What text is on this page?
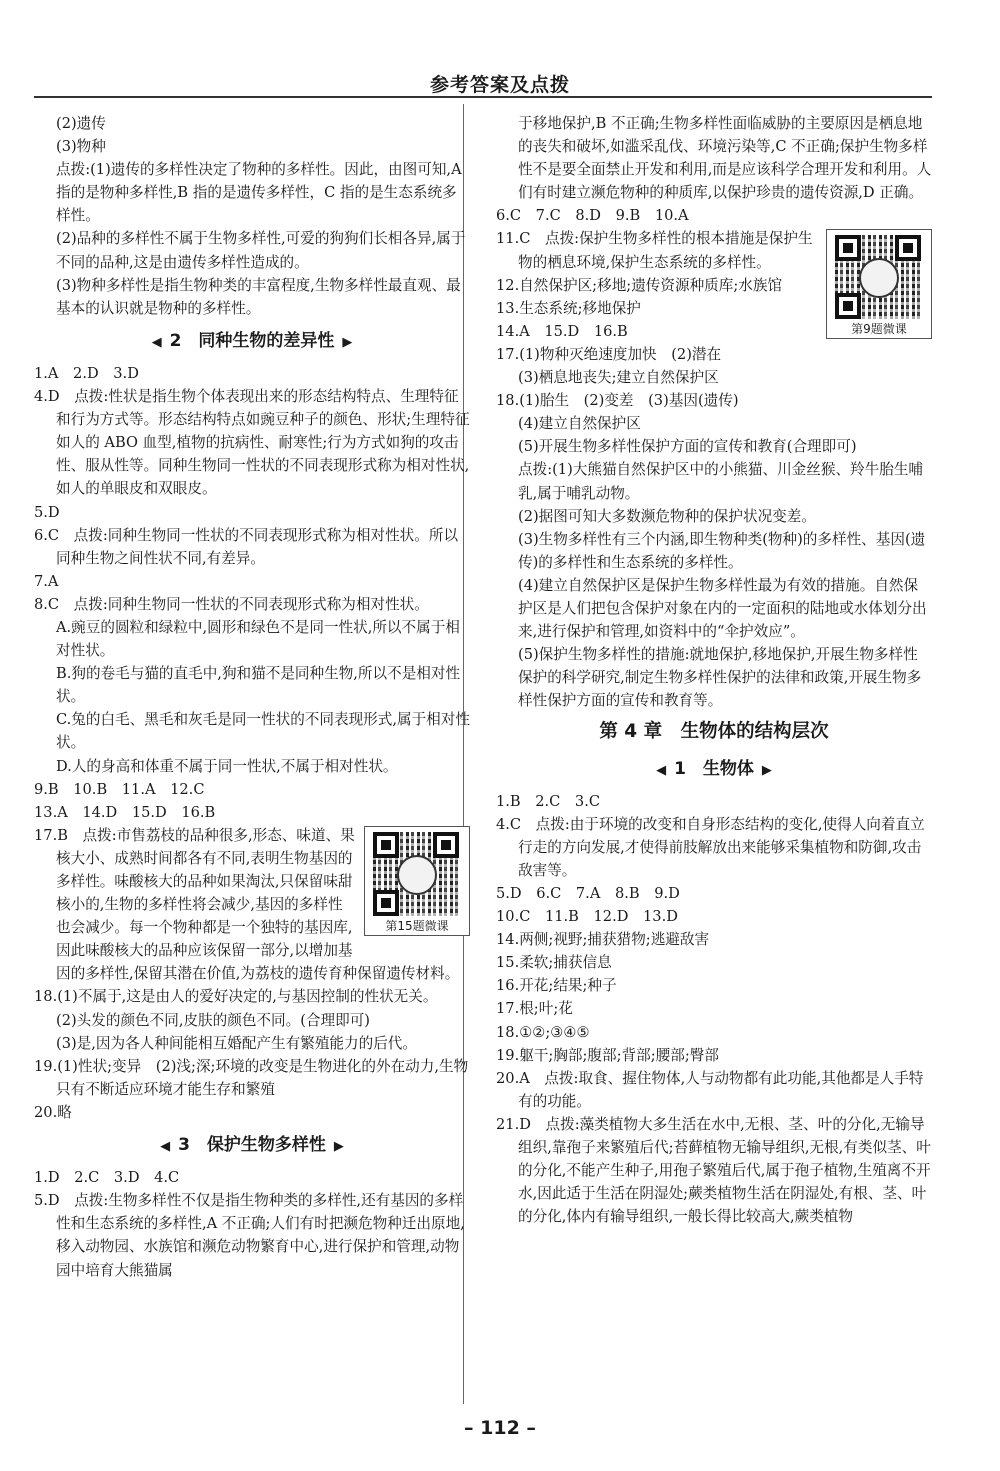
参考答案及点拨

(2)遗传

(3)物种

点拨:(1)遗传的多样性决定了物种的多样性。因此，由图可知,A 指的是物种多样性,B 指的是遗传多样性，C 指的是生态系统多样性。

(2)品种的多样性不属于生物多样性,可爱的狗狗们长相各异,属于不同的品种,这是由遗传多样性造成的。

(3)物种多样性是指生物种类的丰富程度,生物多样性最直观、最基本的认识就是物种的多样性。

◀ 2　同种生物的差异性 ▶

1.A　2.D　3.D

4.D　点拨:性状是指生物个体表现出来的形态结构特点、生理特征和行为方式等。形态结构特点如豌豆种子的颜色、形状;生理特征如人的 ABO 血型,植物的抗病性、耐寒性;行为方式如狗的攻击性、服从性等。同种生物同一性状的不同表现形式称为相对性状,如人的单眼皮和双眼皮。

5.D

6.C　点拨:同种生物同一性状的不同表现形式称为相对性状。所以同种生物之间性状不同,有差异。

7.A

8.C　点拨:同种生物同一性状的不同表现形式称为相对性状。

A.豌豆的圆粒和绿粒中,圆形和绿色不是同一性状,所以不属于相对性状。

B.狗的卷毛与猫的直毛中,狗和猫不是同种生物,所以不是相对性状。

C.兔的白毛、黑毛和灰毛是同一性状的不同表现形式,属于相对性状。

D.人的身高和体重不属于同一性状,不属于相对性状。

9.B　10.B　11.A　12.C

13.A　14.D　15.D　16.B

第15题微课

17.B　点拨:市售荔枝的品种很多,形态、味道、果核大小、成熟时间都各有不同,表明生物基因的多样性。味酸核大的品种如果淘汰,只保留味甜核小的,生物的多样性将会减少,基因的多样性也会减少。每一个物种都是一个独特的基因库,因此味酸核大的品种应该保留一部分,以增加基因的多样性,保留其潜在价值,为荔枝的遗传育种保留遗传材料。

18.(1)不属于,这是由人的爱好决定的,与基因控制的性状无关。

(2)头发的颜色不同,皮肤的颜色不同。(合理即可)

(3)是,因为各人种间能相互婚配产生有繁殖能力的后代。

19.(1)性状;变异　(2)浅;深;环境的改变是生物进化的外在动力,生物只有不断适应环境才能生存和繁殖

20.略

◀ 3　保护生物多样性 ▶

1.D　2.C　3.D　4.C

5.D　点拨:生物多样性不仅是指生物种类的多样性,还有基因的多样性和生态系统的多样性,A 不正确;人们有时把濒危物种迁出原地,移入动物园、水族馆和濒危动物繁育中心,进行保护和管理,动物园中培育大熊猫属

于移地保护,B 不正确;生物多样性面临威胁的主要原因是栖息地的丧失和破坏,如滥采乱伐、环境污染等,C 不正确;保护生物多样性不是要全面禁止开发和利用,而是应该科学合理开发和利用。人们有时建立濒危物种的种质库,以保护珍贵的遗传资源,D 正确。

6.C　7.C　8.D　9.B　10.A

第9题微课

11.C　点拨:保护生物多样性的根本措施是保护生物的栖息环境,保护生态系统的多样性。

12.自然保护区;移地;遗传资源种质库;水族馆

13.生态系统;移地保护

14.A　15.D　16.B

17.(1)物种灭绝速度加快　(2)潜在

(3)栖息地丧失;建立自然保护区

18.(1)胎生　(2)变差　(3)基因(遗传)

(4)建立自然保护区

(5)开展生物多样性保护方面的宣传和教育(合理即可)

点拨:(1)大熊猫自然保护区中的小熊猫、川金丝猴、羚牛胎生哺乳,属于哺乳动物。

(2)据图可知大多数濒危物种的保护状况变差。

(3)生物多样性有三个内涵,即生物种类(物种)的多样性、基因(遗传)的多样性和生态系统的多样性。

(4)建立自然保护区是保护生物多样性最为有效的措施。自然保护区是人们把包含保护对象在内的一定面积的陆地或水体划分出来,进行保护和管理,如资料中的“伞护效应”。

(5)保护生物多样性的措施:就地保护,移地保护,开展生物多样性保护的科学研究,制定生物多样性保护的法律和政策,开展生物多样性保护方面的宣传和教育等。

第 4 章　生物体的结构层次
◀ 1　生物体 ▶

1.B　2.C　3.C

4.C　点拨:由于环境的改变和自身形态结构的变化,使得人向着直立行走的方向发展,才使得前肢解放出来能够采集植物和防御,攻击敌害等。

5.D　6.C　7.A　8.B　9.D

10.C　11.B　12.D　13.D

14.两侧;视野;捕获猎物;逃避敌害

15.柔软;捕获信息

16.开花;结果;种子

17.根;叶;花

18.①②;③④⑤

19.躯干;胸部;腹部;背部;腰部;臀部

20.A　点拨:取食、握住物体,人与动物都有此功能,其他都是人手特有的功能。

21.D　点拨:藻类植物大多生活在水中,无根、茎、叶的分化,无输导组织,靠孢子来繁殖后代;苔藓植物无输导组织,无根,有类似茎、叶的分化,不能产生种子,用孢子繁殖后代,属于孢子植物,生殖离不开水,因此适于生活在阴湿处;蕨类植物生活在阴湿处,有根、茎、叶的分化,体内有输导组织,一般长得比较高大,蕨类植物

– 112 –
